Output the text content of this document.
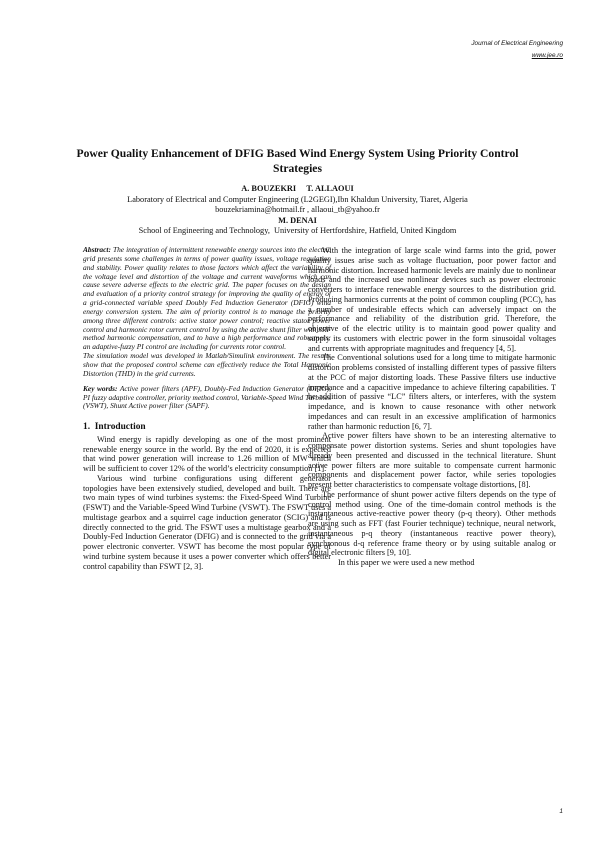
Journal of Electrical Engineering
www.jee.ro
Power Quality Enhancement of DFIG Based Wind Energy System Using Priority Control Strategies
A. BOUZEKRI     T. ALLAOUI
Laboratory of Electrical and Computer Engineering (L2GEGI),Ibn Khaldun University, Tiaret, Algeria
bouzekriamina@hotmail.fr , allaoui_tb@yahoo.fr
M. DENAI
School of Engineering and Technology,  University of Hertfordshire, Hatfield, United Kingdom

Abstract: The integration of intermittent renewable energy sources into the electric grid presents some challenges in terms of power quality issues, voltage regulation and stability. Power quality relates to those factors which affect the variability of the voltage level and distortion of the voltage and current waveforms which can cause severe adverse effects to the electric grid. The paper focuses on the design and evaluation of a priority control strategy for improving the quality of energy of a grid-connected variable speed Doubly Fed Induction Generator (DFIG) wind energy conversion system. The aim of priority control is to manage the priority among three different controls: active stator power control; reactive stator power control and harmonic rotor current control by using the active shunt filter with SRF method harmonic compensation, and to have a high performance and robustness; an adaptive-fuzzy PI control are including for currents rotor control.

The simulation model was developed in Matlab/Simulink environment. The results show that the proposed control scheme can effectively reduce the Total Harmonic Distortion (THD) in the grid currents.

Key words: Active power filters (APF), Doubly-Fed Induction Generator (DFIG), PI fuzzy adaptive controller, priority method control, Variable-Speed Wind Turbines (VSWT), Shunt Active power filter (SAPF).

1.  Introduction

Wind energy is rapidly developing as one of the most prominent renewable energy source in the world. By the end of 2020, it is expected that wind power generation will increase to 1.26 million of MW which will be sufficient to cover 12% of the world’s electricity consumption [1].

Various wind turbine configurations using different generator topologies have been extensively studied, developed and built. There are two main types of wind turbines systems: the Fixed-Speed Wind Turbine (FSWT) and the Variable-Speed Wind Turbine (VSWT). The FSWT uses a multistage gearbox and a squirrel cage induction generator (SCIG) and is directly connected to the grid. The FSWT uses a multistage gearbox and a Doubly-Fed Induction Generator (DFIG) and is connected to the grid via a power electronic converter. VSWT has become the most popular type of wind turbine system because it uses a power converter which offers better control capability than FSWT [2, 3].

With the integration of large scale wind farms into the grid, power quality issues arise such as voltage fluctuation, poor power factor and harmonic distortion. Increased harmonic levels are mainly due to nonlinear loads and the increased use nonlinear devices such as power electronic converters to interface renewable energy sources to the distribution grid. Producing harmonics currents at the point of common coupling (PCC), has a number of undesirable effects which can adversely impact on the performance and reliability of the distribution grid. Therefore, the objective of the electric utility is to maintain good power quality and supply its customers with electric power in the form sinusoidal voltages and currents with appropriate magnitudes and frequency [4, 5].

The Conventional solutions used for a long time to mitigate harmonic distortion problems consisted of installing different types of passive filters at the PCC of major distorting loads. These Passive filters use inductive impedance and a capacitive impedance to achieve filtering capabilities. T he addition of passive “LC” filters alters, or interferes, with the system impedance, and is known to cause resonance with other network impedances and can result in an excessive amplification of harmonics rather than harmonic reduction [6, 7].

Active power filters have shown to be an interesting alternative to compensate power distortion systems. Series and shunt topologies have already been presented and discussed in the technical literature. Shunt active power filters are more suitable to compensate current harmonic components and displacement power factor, while series topologies present better characteristics to compensate voltage distortions, [8].

The performance of shunt power active filters depends on the type of control method using. One of the time-domain control methods is the instantaneous active-reactive power theory (p-q theory). Other methods are using such as FFT (fast Fourier technique) technique, neural network, instantaneous p-q theory (instantaneous reactive power theory), synchronous d-q reference frame theory or by using suitable analog or digital electronic filters [9, 10].

In this paper we were used a new method

1
